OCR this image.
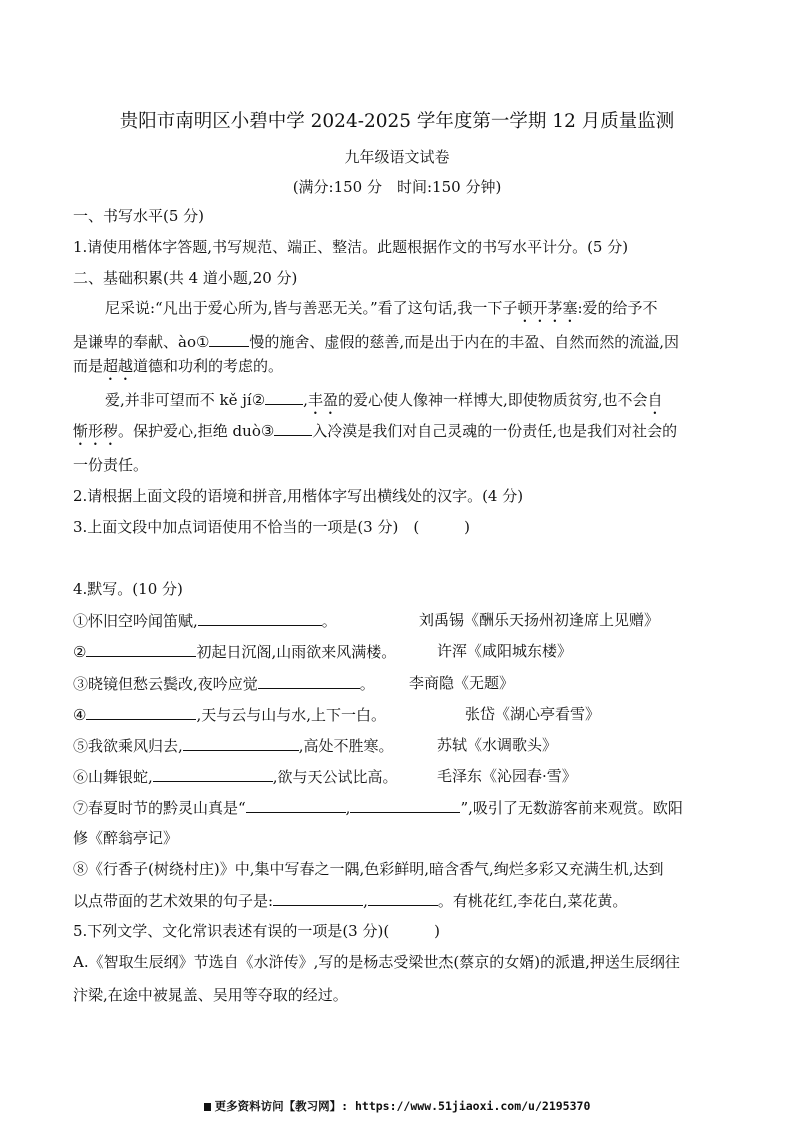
贵阳市南明区小碧中学 2024-2025 学年度第一学期 12 月质量监测
九年级语文试卷
(满分:150 分　时间:150 分钟)
一、书写水平(5 分)
1.请使用楷体字答题,书写规范、端正、整洁。此题根据作文的书写水平计分。(5 分)
二、基础积累(共 4 道小题,20 分)
尼采说:“凡出于爱心所为,皆与善恶无关。”看了这句话,我一下子顿开茅塞:爱的给予不
是谦卑的奉献、ào①	慢的施舍、虚假的慈善,而是出于内在的丰盈、自然而然的流溢,因
而是超越道德和功利的考虑的。
爱,并非可望而不 kě jí②	,丰盈的爱心使人像神一样博大,即使物质贫穷,也不会自
惭形秽。保护爱心,拒绝 duò③	入冷漠是我们对自己灵魂的一份责任,也是我们对社会的
一份责任。
2.请根据上面文段的语境和拼音,用楷体字写出横线处的汉字。(4 分)
3.上面文段中加点词语使用不恰当的一项是(3 分)　(　　　)
4.默写。(10 分)
①怀旧空吟闻笛赋,	。	刘禹锡《酬乐天扬州初逢席上见赠》
②	初起日沉阁,山雨欲来风满楼。	许浑《咸阳城东楼》
③晓镜但愁云鬓改,夜吟应觉	。 李商隐《无题》
④	,天与云与山与水,上下一白。	张岱《湖心亭看雪》
⑤我欲乘风归去,	,高处不胜寒。	苏轼《水调歌头》
⑥山舞银蛇,	,欲与天公试比高。	毛泽东《沁园春·雪》
⑦春夏时节的黔灵山真是“	,	”,吸引了无数游客前来观赏。欧阳
修《醉翁亭记》
⑧《行香子(树绕村庄)》中,集中写春之一隅,色彩鲜明,暗含香气,绚烂多彩又充满生机,达到
以点带面的艺术效果的句子是:	,	。有桃花红,李花白,菜花黄。
5.下列文学、文化常识表述有误的一项是(3 分)(　　　)
A.《智取生辰纲》节选自《水浒传》,写的是杨志受梁世杰(蔡京的女婿)的派遣,押送生辰纲往
汴梁,在途中被晁盖、吴用等夺取的经过。
更多资料访问【教习网】: https://www.51jiaoxi.com/u/2195370
